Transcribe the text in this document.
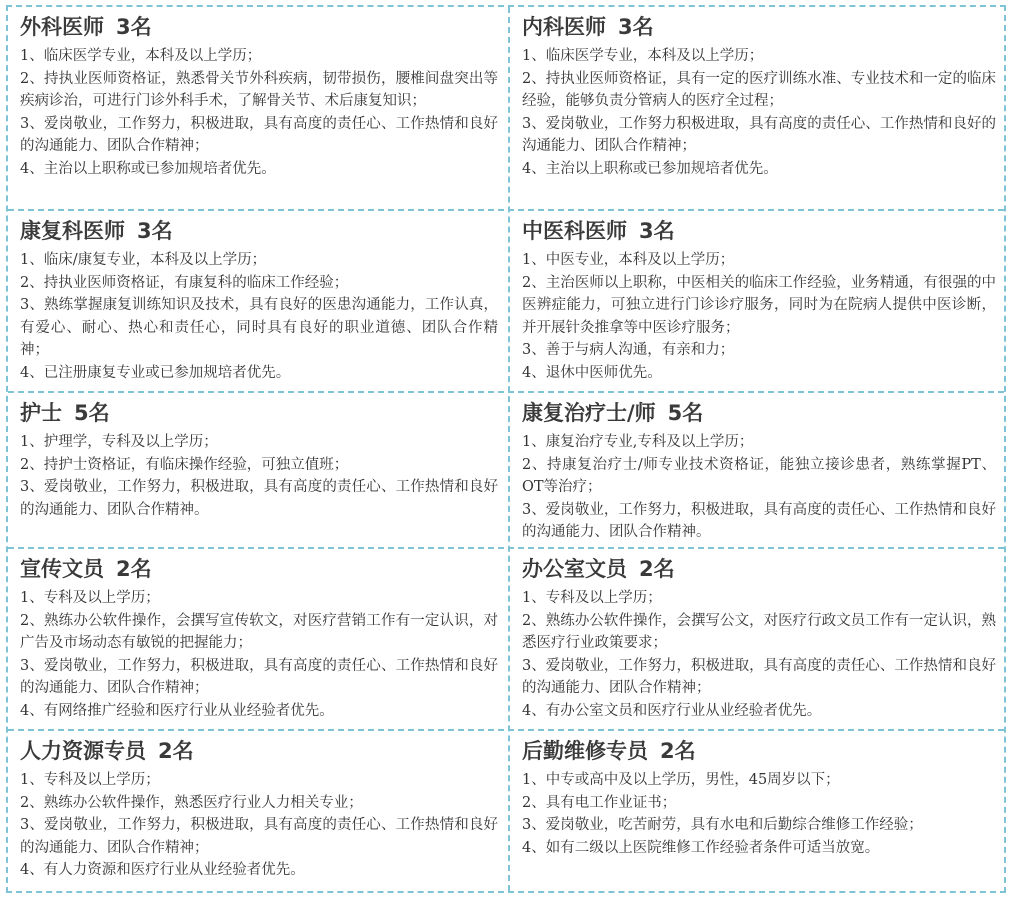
外科医师 3名

1、临床医学专业，本科及以上学历；

2、持执业医师资格证，熟悉骨关节外科疾病，韧带损伤，腰椎间盘突出等疾病诊治，可进行门诊外科手术，了解骨关节、术后康复知识；

3、爱岗敬业，工作努力，积极进取，具有高度的责任心、工作热情和良好的沟通能力、团队合作精神；

4、主治以上职称或已参加规培者优先。

内科医师 3名

1、临床医学专业，本科及以上学历；

2、持执业医师资格证，具有一定的医疗训练水准、专业技术和一定的临床经验，能够负责分管病人的医疗全过程；

3、爱岗敬业，工作努力积极进取，具有高度的责任心、工作热情和良好的沟通能力、团队合作精神；

4、主治以上职称或已参加规培者优先。

康复科医师 3名

1、临床/康复专业，本科及以上学历；

2、持执业医师资格证，有康复科的临床工作经验；

3、熟练掌握康复训练知识及技术，具有良好的医患沟通能力，工作认真，有爱心、耐心、热心和责任心，同时具有良好的职业道德、团队合作精神；

4、已注册康复专业或已参加规培者优先。

中医科医师 3名

1、中医专业，本科及以上学历；

2、主治医师以上职称，中医相关的临床工作经验，业务精通，有很强的中医辨症能力，可独立进行门诊诊疗服务，同时为在院病人提供中医诊断，并开展针灸推拿等中医诊疗服务；

3、善于与病人沟通，有亲和力；

4、退休中医师优先。

护士 5名

1、护理学，专科及以上学历；

2、持护士资格证，有临床操作经验，可独立值班；

3、爱岗敬业，工作努力，积极进取，具有高度的责任心、工作热情和良好的沟通能力、团队合作精神。

康复治疗士/师 5名

1、康复治疗专业,专科及以上学历；

2、持康复治疗士/师专业技术资格证，能独立接诊患者，熟练掌握PT、OT等治疗；

3、爱岗敬业，工作努力，积极进取，具有高度的责任心、工作热情和良好的沟通能力、团队合作精神。

宣传文员 2名

1、专科及以上学历；

2、熟练办公软件操作，会撰写宣传软文，对医疗营销工作有一定认识，对广告及市场动态有敏锐的把握能力；

3、爱岗敬业，工作努力，积极进取，具有高度的责任心、工作热情和良好的沟通能力、团队合作精神；

4、有网络推广经验和医疗行业从业经验者优先。

办公室文员 2名

1、专科及以上学历；

2、熟练办公软件操作，会撰写公文，对医疗行政文员工作有一定认识，熟悉医疗行业政策要求；

3、爱岗敬业，工作努力，积极进取，具有高度的责任心、工作热情和良好的沟通能力、团队合作精神；

4、有办公室文员和医疗行业从业经验者优先。

人力资源专员 2名

1、专科及以上学历；

2、熟练办公软件操作，熟悉医疗行业人力相关专业；

3、爱岗敬业，工作努力，积极进取，具有高度的责任心、工作热情和良好的沟通能力、团队合作精神；

4、有人力资源和医疗行业从业经验者优先。

后勤维修专员 2名

1、中专或高中及以上学历，男性，45周岁以下；

2、具有电工作业证书；

3、爱岗敬业，吃苦耐劳，具有水电和后勤综合维修工作经验；

4、如有二级以上医院维修工作经验者条件可适当放宽。
